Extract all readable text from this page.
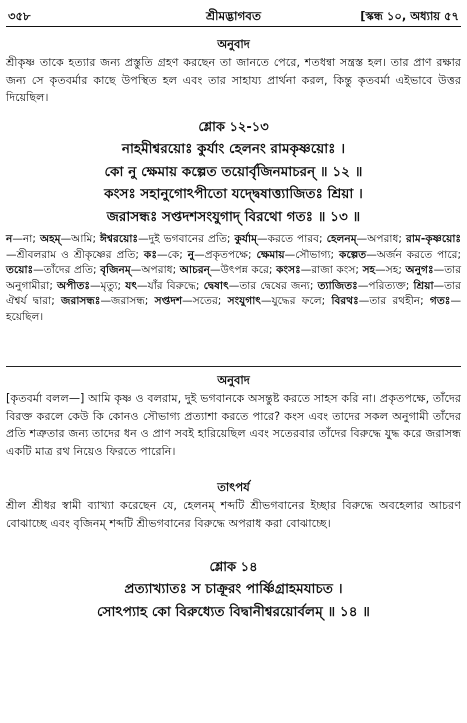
৩৫৮	শ্রীমদ্ভাগবত	[স্কন্ধ ১০, অধ্যায় ৫৭
অনুবাদ
শ্রীকৃষ্ণ তাকে হত্যার জন্য প্রস্তুতি গ্রহণ করছেন তা জানতে পেরে, শতধন্বা সন্ত্রস্ত হল। তার প্রাণ রক্ষার জন্য সে কৃতবর্মার কাছে উপস্থিত হল এবং তার সাহায্য প্রার্থনা করল, কিন্তু কৃতবর্মা এইভাবে উত্তর দিয়েছিল।
শ্লোক ১২-১৩
নাহমীশ্বরয়োঃ কুর্যাং হেলনং রামকৃষ্ণয়োঃ ।
কো নু ক্ষেমায় কল্পেত তয়োর্বৃজিনমাচরন্ ॥ ১২ ॥
কংসঃ সহানুগোঽপীতো যদ্দ্বেষাত্ত্যাজিতঃ শ্রিয়া ।
জরাসন্ধঃ সপ্তদশসংযুগাদ্ বিরথো গতঃ ॥ ১৩ ॥
ন—না; অহম্—আমি; ঈশ্বরয়োঃ—দুই ভগবানের প্রতি; কুর্যাম্—করতে পারব; হেলনম্—অপরাধ; রাম-কৃষ্ণয়োঃ—শ্রীবলরাম ও শ্রীকৃষ্ণের প্রতি; কঃ—কে; নু—প্রকৃতপক্ষে; ক্ষেমায়—সৌভাগ্য; কল্পেত—অর্জন করতে পারে; তয়োঃ—তাঁদের প্রতি; বৃজিনম্—অপরাধ; আচরন্—উৎপন্ন করে; কংসঃ—রাজা কংস; সহ—সহ; অনুগঃ—তার অনুগামীরা; অপীতঃ—মৃত্যু; যৎ—যাঁর বিরুদ্ধে; দ্বেষাৎ—তার দ্বেষের জন্য; ত্যাজিতঃ—পরিত্যক্ত; শ্রিয়া—তার ঐশ্বর্য দ্বারা; জরাসন্ধঃ—জরাসন্ধ; সপ্তদশ—সতের; সংযুগাৎ—যুদ্ধের ফলে; বিরথঃ—তার রথহীন; গতঃ—হয়েছিল।
অনুবাদ
[কৃতবর্মা বলল—] আমি কৃষ্ণ ও বলরাম, দুই ভগবানকে অসন্তুষ্ট করতে সাহস করি না। প্রকৃতপক্ষে, তাঁদের বিরক্ত করলে কেউ কি কোনও সৌভাগ্য প্রত্যাশা করতে পারে? কংস এবং তাদের সকল অনুগামী তাঁদের প্রতি শত্রুতার জন্য তাদের ধন ও প্রাণ সবই হারিয়েছিল এবং সতেরবার তাঁদের বিরুদ্ধে যুদ্ধ করে জরাসন্ধ একটি মাত্র রথ নিয়েও ফিরতে পারেনি।
তাৎপর্য
শ্রীল শ্রীধর স্বামী ব্যাখ্যা করেছেন যে, হেলনম্ শব্দটি শ্রীভগবানের ইচ্ছার বিরুদ্ধে অবহেলার আচরণ বোঝাচ্ছে এবং বৃজিনম্ শব্দটি শ্রীভগবানের বিরুদ্ধে অপরাধ করা বোঝাচ্ছে।
শ্লোক ১৪
প্রত্যাখ্যাতঃ স চাক্রূরং পার্ষ্ণিগ্রাহমযাচত ।
সোঽপ্যাহ কো বিরুধ্যেত বিদ্বানীশ্বরয়োর্বলম্ ॥ ১৪ ॥
